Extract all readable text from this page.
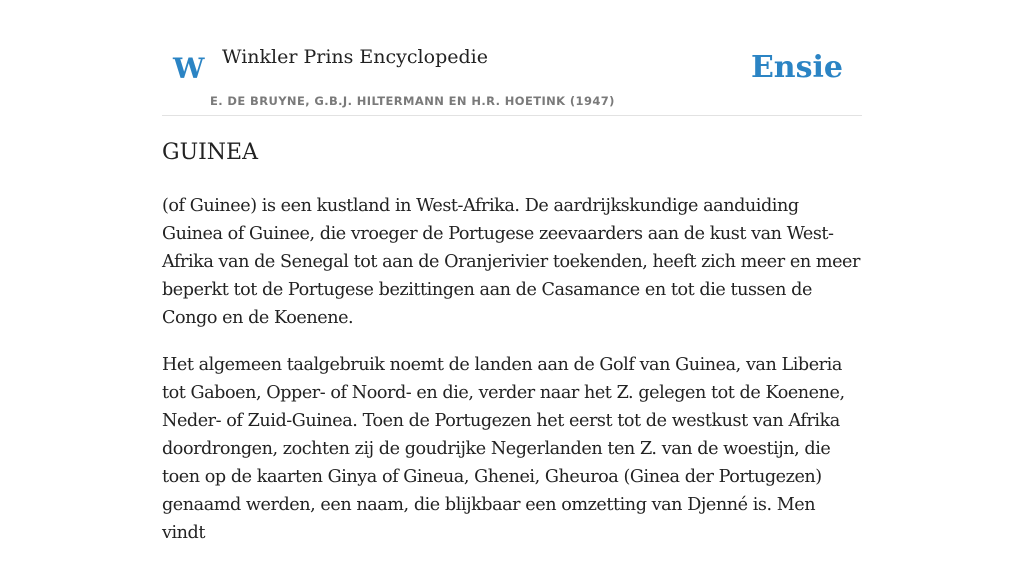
W Winkler Prins Encyclopedie
E. DE BRUYNE, G.B.J. HILTERMANN EN H.R. HOETINK (1947)
Ensie
GUINEA

(of Guinee) is een kustland in West-Afrika. De aardrijkskundige aanduiding Guinea of Guinee, die vroeger de Portugese zeevaarders aan de kust van West-Afrika van de Senegal tot aan de Oranjerivier toekenden, heeft zich meer en meer beperkt tot de Portugese bezittingen aan de Casamance en tot die tussen de Congo en de Koenene.

Het algemeen taalgebruik noemt de landen aan de Golf van Guinea, van Liberia tot Gaboen, Opper- of Noord- en die, verder naar het Z. gelegen tot de Koenene, Neder- of Zuid-Guinea. Toen de Portugezen het eerst tot de westkust van Afrika doordrongen, zochten zij de goudrijke Negerlanden ten Z. van de woestijn, die toen op de kaarten Ginya of Gineua, Ghenei, Gheuroa (Ginea der Portugezen) genaamd werden, een naam, die blijkbaar een omzetting van Djenné is. Men vindt
